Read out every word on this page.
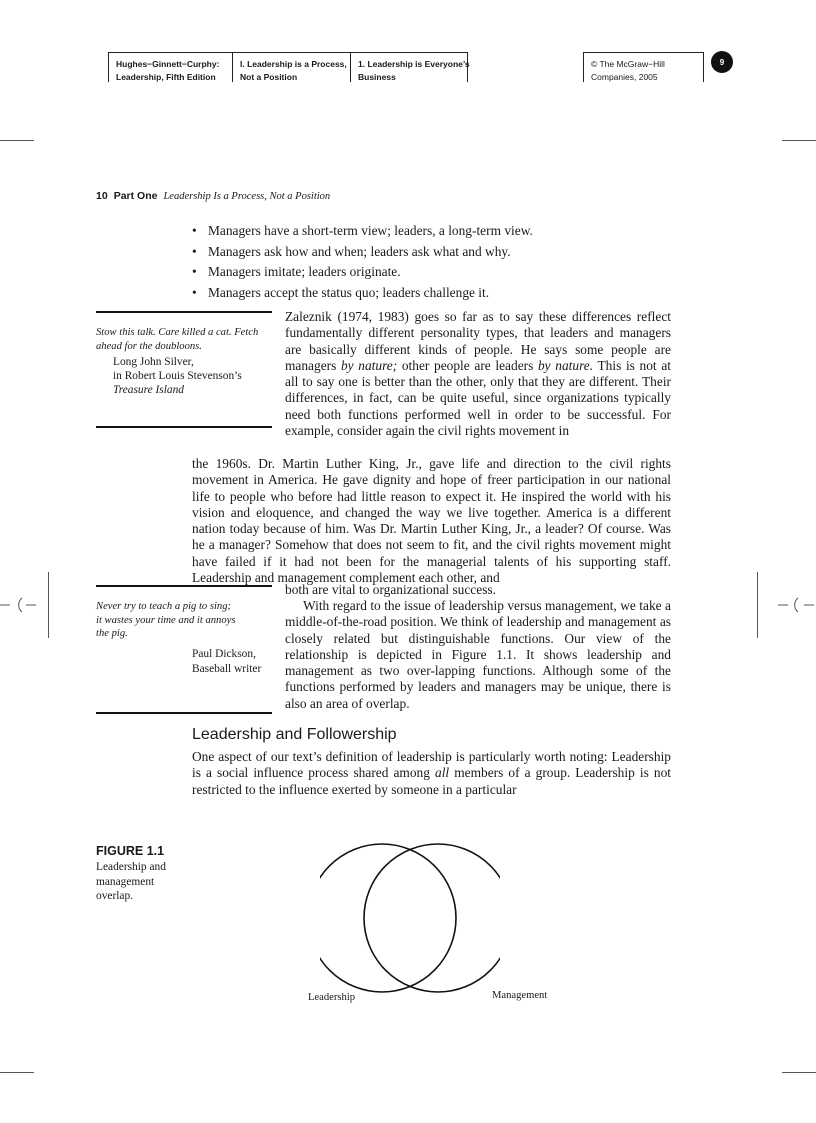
Hughes−Ginnett−Curphy:
Leadership, Fifth Edition
I. Leadership is a Process,
Not a Position
1. Leadership is Everyone’s
Business
© The McGraw−Hill
Companies, 2005
9
10 Part One Leadership Is a Process, Not a Position
• Managers have a short-term view; leaders, a long-term view.
• Managers ask how and when; leaders ask what and why.
• Managers imitate; leaders originate.
• Managers accept the status quo; leaders challenge it.
Stow this talk. Care killed a cat. Fetch
ahead for the doubloons.
Long John Silver,
in Robert Louis Stevenson’s
Treasure Island

Zaleznik (1974, 1983) goes so far as to say these differences reflect fundamentally different personality types, that leaders and managers are basically different kinds of people. He says some people are managers by nature; other people are leaders by nature. This is not at all to say one is better than the other, only that they are different. Their differences, in fact, can be quite useful, since organizations typically need both functions performed well in order to be successful. For example, consider again the civil rights movement in

the 1960s. Dr. Martin Luther King, Jr., gave life and direction to the civil rights movement in America. He gave dignity and hope of freer participation in our national life to people who before had little reason to expect it. He inspired the world with his vision and eloquence, and changed the way we live together. America is a different nation today because of him. Was Dr. Martin Luther King, Jr., a leader? Of course. Was he a manager? Somehow that does not seem to fit, and the civil rights movement might have failed if it had not been for the managerial talents of his supporting staff. Leadership and management complement each other, and

both are vital to organizational success.

Never try to teach a pig to sing;
it wastes your time and it annoys
the pig.
Paul Dickson,
Baseball writer

With regard to the issue of leadership versus management, we take a middle-of-the-road position. We think of leadership and management as closely related but distinguishable functions. Our view of the relationship is depicted in Figure 1.1. It shows leadership and management as two over-lapping functions. Although some of the functions performed by leaders and managers may be unique, there is also an area of overlap.

Leadership and Followership

One aspect of our text’s definition of leadership is particularly worth noting: Leadership is a social influence process shared among all members of a group. Leadership is not restricted to the influence exerted by someone in a particular

FIGURE 1.1
Leadership and management overlap.
Leadership	Management
